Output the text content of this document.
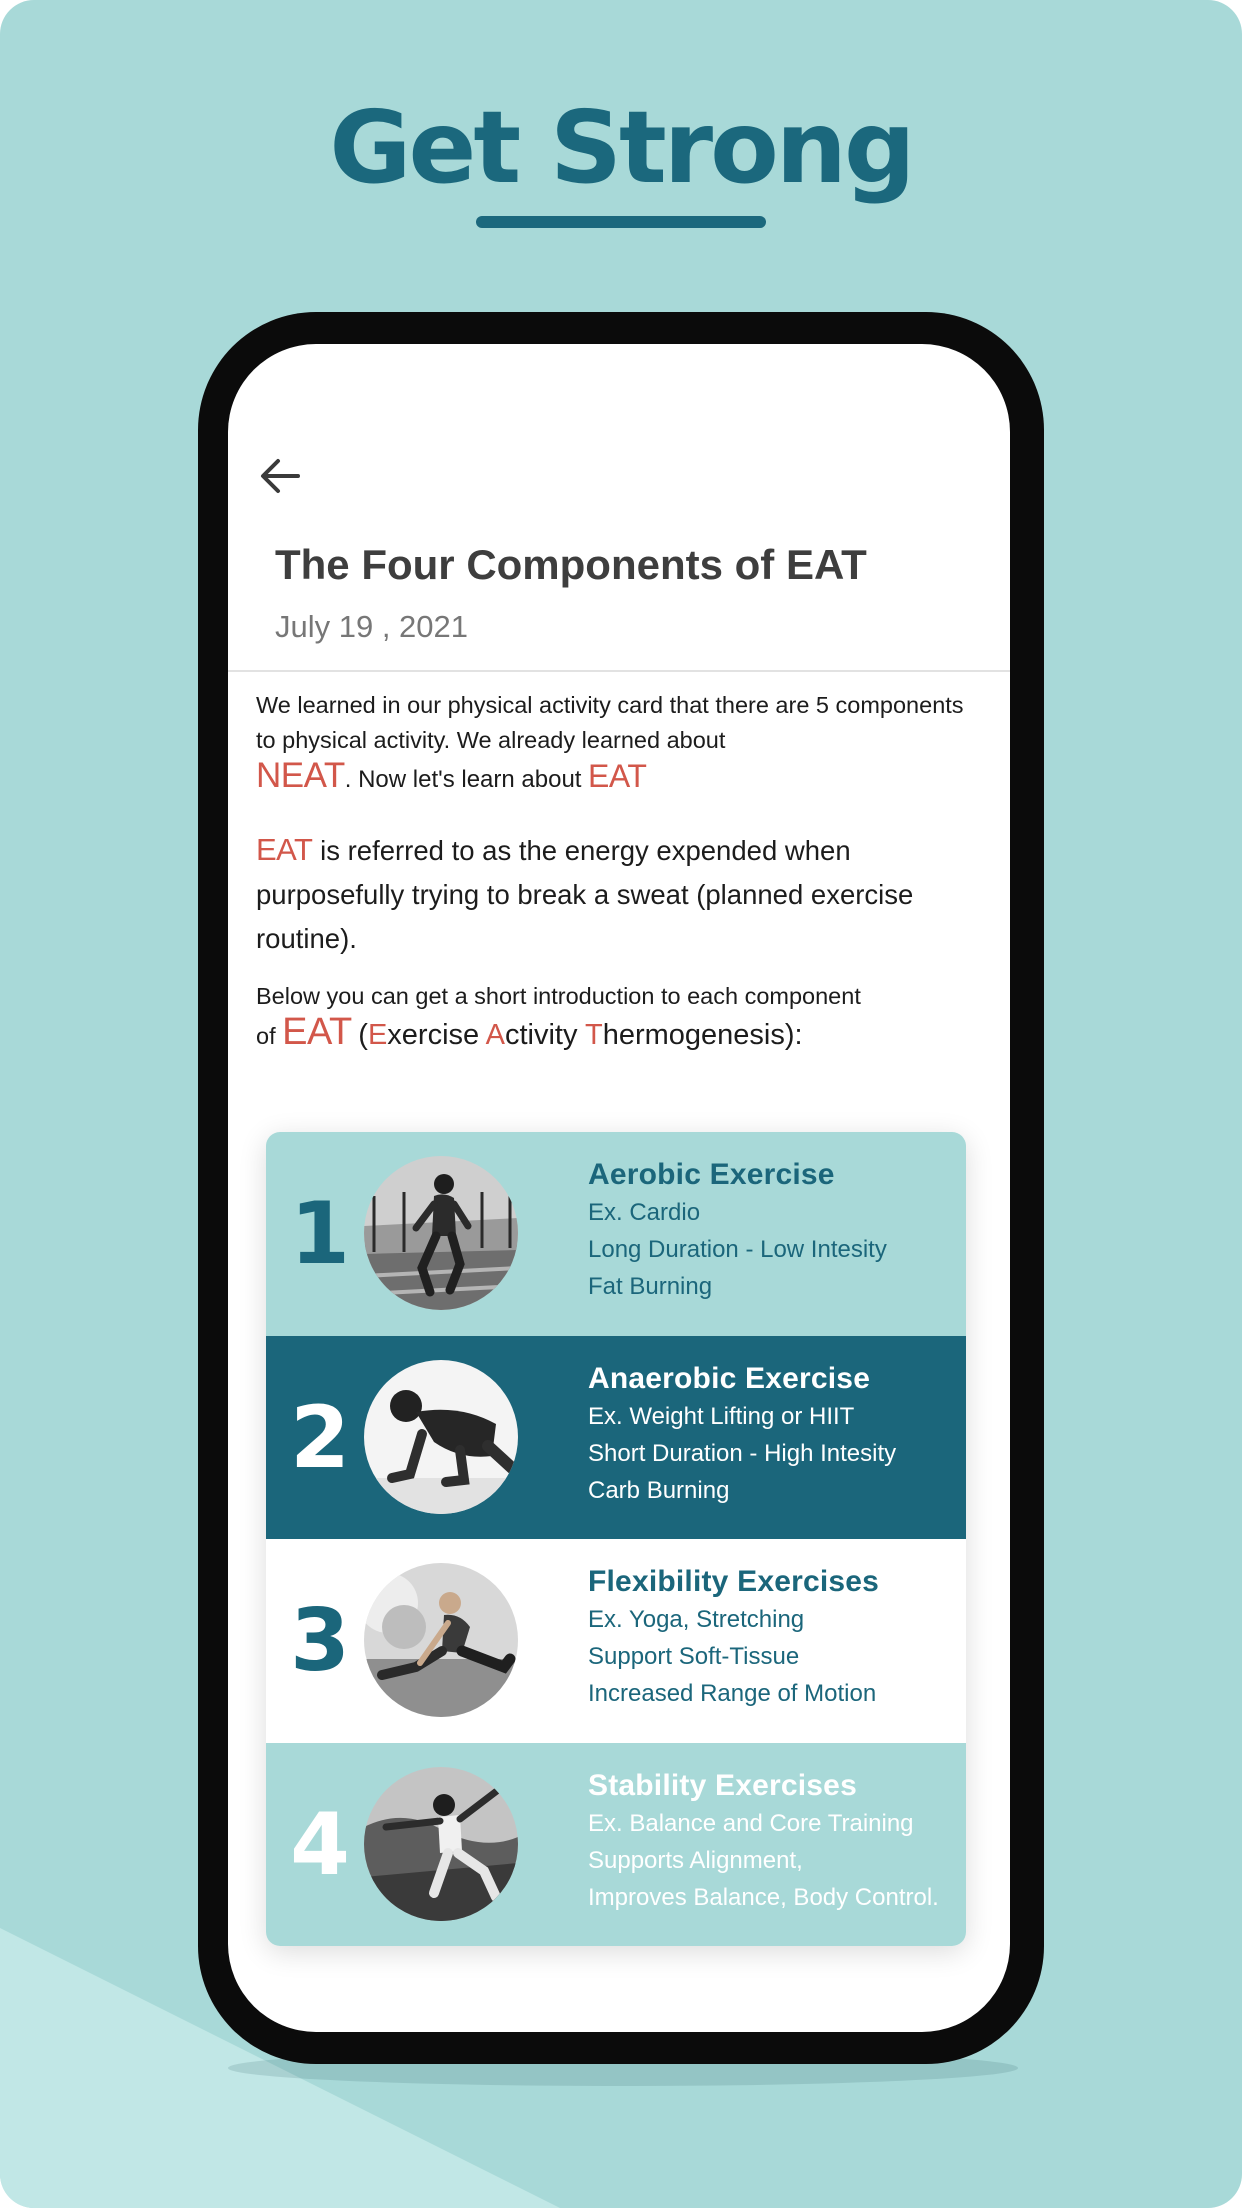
Get Strong
The Four Components of EAT
July 19 , 2021
We learned in our physical activity card that there are 5 components to physical activity. We already learned about
NEAT. Now let's learn about EAT
EAT is referred to as the energy expended when purposefully trying to break a sweat (planned exercise routine).
Below you can get a short introduction to each component
of EAT (Exercise Activity Thermogenesis):
1
Aerobic Exercise
Ex. Cardio
Long Duration - Low Intesity
Fat Burning
2
Anaerobic Exercise
Ex. Weight Lifting or HIIT
Short Duration - High Intesity
Carb Burning
3
Flexibility Exercises
Ex. Yoga, Stretching
Support Soft-Tissue
Increased Range of Motion
4
Stability Exercises
Ex. Balance and Core Training
Supports Alignment,
Improves Balance, Body Control.
